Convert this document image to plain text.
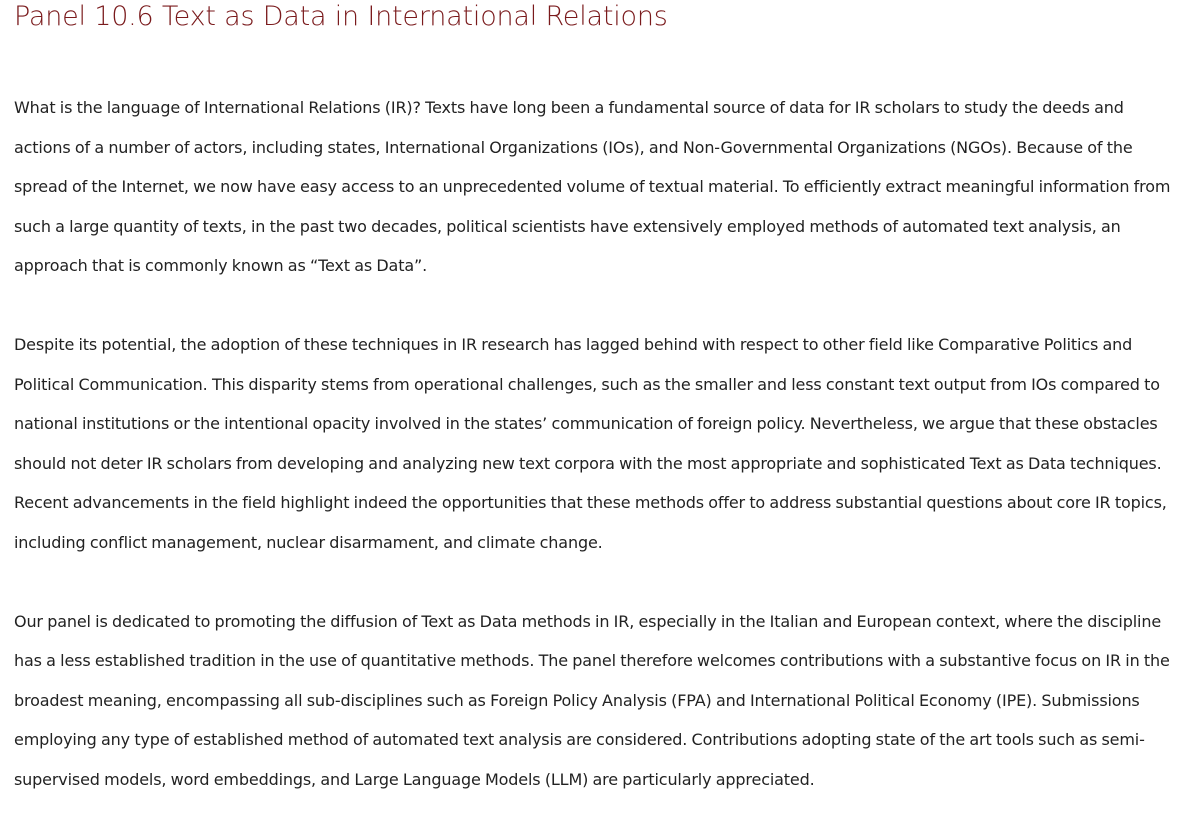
Panel 10.6 Text as Data in International Relations

What is the language of International Relations (IR)? Texts have long been a fundamental source of data for IR scholars to study the deeds and actions of a number of actors, including states, International Organizations (IOs), and Non-Governmental Organizations (NGOs). Because of the spread of the Internet, we now have easy access to an unprecedented volume of textual material. To efficiently extract meaningful information from such a large quantity of texts, in the past two decades, political scientists have extensively employed methods of automated text analysis, an approach that is commonly known as “Text as Data”.

Despite its potential, the adoption of these techniques in IR research has lagged behind with respect to other field like Comparative Politics and Political Communication. This disparity stems from operational challenges, such as the smaller and less constant text output from IOs compared to national institutions or the intentional opacity involved in the states’ communication of foreign policy. Nevertheless, we argue that these obstacles should not deter IR scholars from developing and analyzing new text corpora with the most appropriate and sophisticated Text as Data techniques. Recent advancements in the field highlight indeed the opportunities that these methods offer to address substantial questions about core IR topics, including conflict management, nuclear disarmament, and climate change.

Our panel is dedicated to promoting the diffusion of Text as Data methods in IR, especially in the Italian and European context, where the discipline has a less established tradition in the use of quantitative methods. The panel therefore welcomes contributions with a substantive focus on IR in the broadest meaning, encompassing all sub-disciplines such as Foreign Policy Analysis (FPA) and International Political Economy (IPE). Submissions employing any type of established method of automated text analysis are considered. Contributions adopting state of the art tools such as semi-supervised models, word embeddings, and Large Language Models (LLM) are particularly appreciated.
